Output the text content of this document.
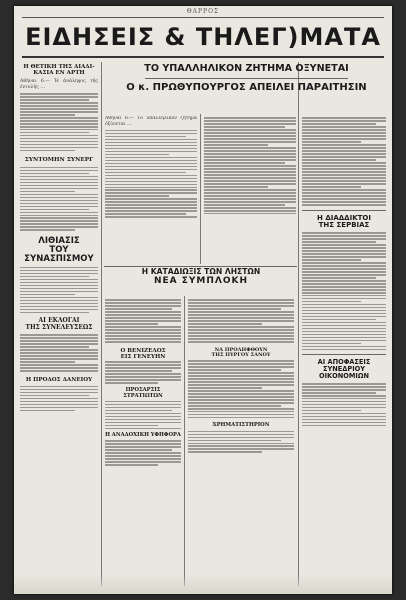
ΘΑΡΡΟΣ
ΕΙΔΗΣΕΙΣ & ΤΗΛΕΓ)ΜΑΤΑ
Η ΘΕΤΙΚΗ ΤΗΣ ΔΙΑΔΙ-
ΚΑΣΙΑ ΕΝ ΑΡΤΗ
Αθήναι 6.— Ἡ ἀνάληψις τῆς ἐντολῆς …
ΣΥΝΤΟΜΗΝ ΣΥΝΕΡΓ
ΛΙΘΙΑΣΙΣ
ΤΟΥ ΣΥΝΑΣΠΙΣΜΟΥ
ΑΙ ΕΚΛΟΓΑΙ
ΤΗΣ ΣΥΝΕΛΕΥΣΕΩΣ
Η ΠΡΟΔΟΣ ΔΑΝΕΙΟΥ
ΤΟ ΥΠΑΛΛΗΛΙΚΟΝ ΖΗΤΗΜΑ ΟΞΥΝΕΤΑΙ
Ο κ. ΠΡΩΘΥΠΟΥΡΓΟΣ ΑΠΕΙΛΕΙ ΠΑΡΑΙΤΗΣΙΝ
Ἀθῆναι 6.— Τὸ ὑπαλληλικὸν ζήτημα ὀξύνεται …
Η ΔΙΑΔΔΙΚΤΟΙ
ΤΗΣ ΣΕΡΒΙΑΣ
ΑΙ ΑΠΟΦΑΣΕΙΣ ΣΥΝΕΔΡΙΟΥ
ΟΙΚΟΝΟΜΙΩΝ
Η ΚΑΤΑΔΙΩΞΙΣ ΤΩΝ ΛΗΣΤΩΝ
ΝΕΑ ΣΥΜΠΛΟΚΗ
Ο ΒΕΝΙΖΕΛΟΣ
ΕΙΣ ΓΕΝΕΥΗΝ
ΠΡΟΣΑΡΣΙΣ ΣΤΡΑΤΙΩΤΩΝ
Η ΑΝΑΔΟΧΙΚΗ ΥΦΗΦΟΡΑ
ΝΑ ΠΡΟΛΗΦΘΟΥΝ
ΤΗΣ ΠΥΡΓΟΥ ΣΑΝΟΥ
ΧΡΗΜΑΤΙΣΤΗΡΙΟΝ
